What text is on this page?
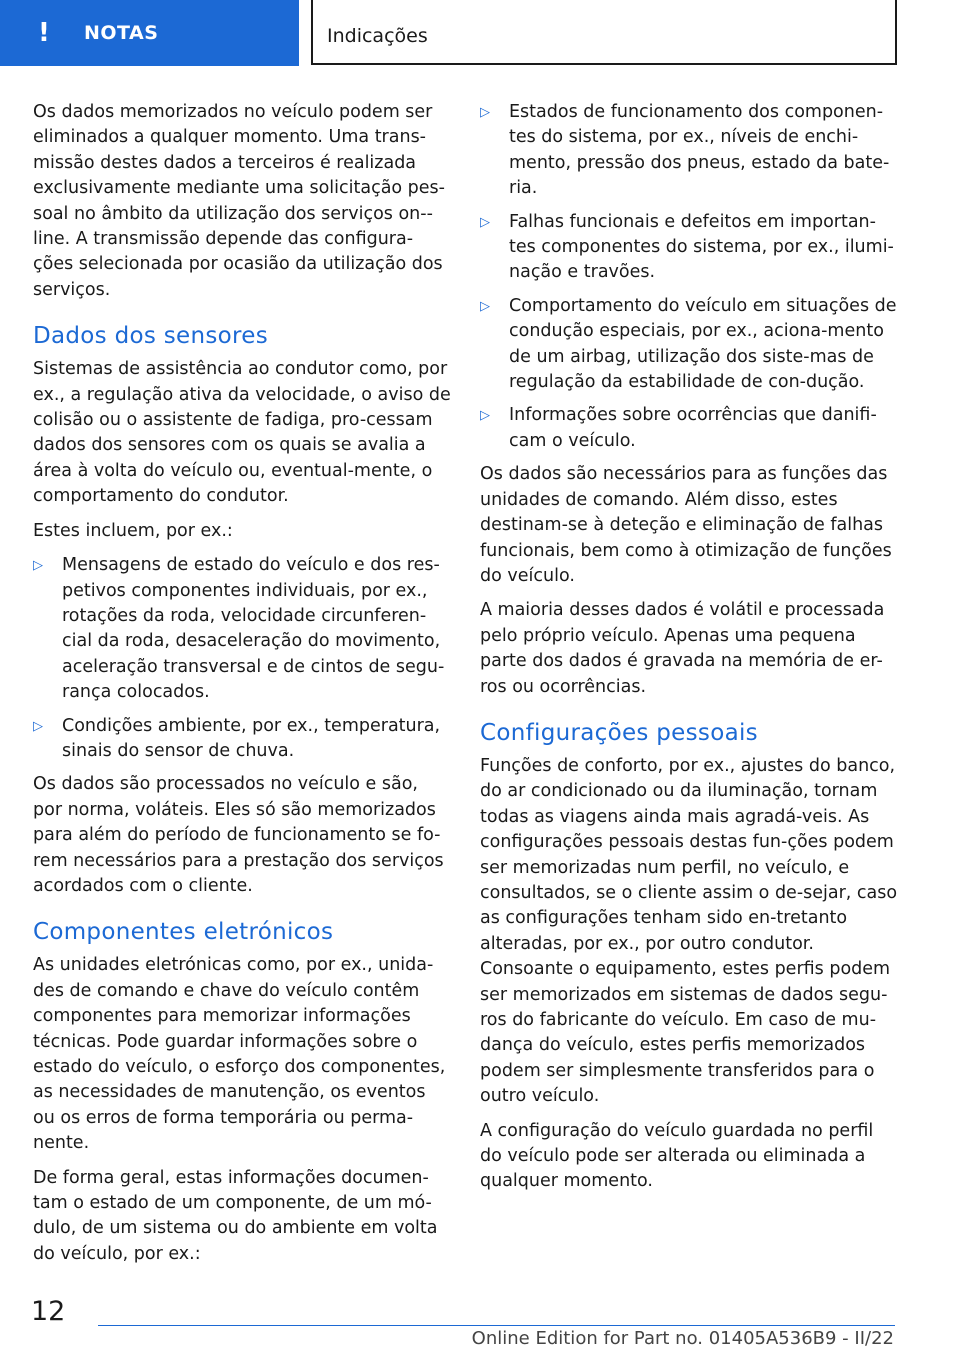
!	NOTAS	Indicações

Os dados memorizados no veículo podem ser eliminados a qualquer momento. Uma trans-missão destes dados a terceiros é realizada exclusivamente mediante uma solicitação pes-soal no âmbito da utilização dos serviços on--line. A transmissão depende das configura-ções selecionada por ocasião da utilização dos serviços.

Dados dos sensores

Sistemas de assistência ao condutor como, por ex., a regulação ativa da velocidade, o aviso de colisão ou o assistente de fadiga, pro-cessam dados dos sensores com os quais se avalia a área à volta do veículo ou, eventual-mente, o comportamento do condutor.

Estes incluem, por ex.:

▷ Mensagens de estado do veículo e dos res-petivos componentes individuais, por ex., rotações da roda, velocidade circunferen-cial da roda, desaceleração do movimento, aceleração transversal e de cintos de segu-rança colocados.
▷ Condições ambiente, por ex., temperatura, sinais do sensor de chuva.

Os dados são processados no veículo e são, por norma, voláteis. Eles só são memorizados para além do período de funcionamento se fo-rem necessários para a prestação dos serviços acordados com o cliente.

Componentes eletrónicos

As unidades eletrónicas como, por ex., unida-des de comando e chave do veículo contêm componentes para memorizar informações técnicas. Pode guardar informações sobre o estado do veículo, o esforço dos componentes, as necessidades de manutenção, os eventos ou os erros de forma temporária ou perma-nente.

De forma geral, estas informações documen-tam o estado de um componente, de um mó-dulo, de um sistema ou do ambiente em volta do veículo, por ex.:

▷ Estados de funcionamento dos componen-tes do sistema, por ex., níveis de enchi-mento, pressão dos pneus, estado da bate-ria.
▷ Falhas funcionais e defeitos em importan-tes componentes do sistema, por ex., ilumi-nação e travões.
▷ Comportamento do veículo em situações de condução especiais, por ex., aciona-mento de um airbag, utilização dos siste-mas de regulação da estabilidade de con-dução.
▷ Informações sobre ocorrências que danifi-cam o veículo.

Os dados são necessários para as funções das unidades de comando. Além disso, estes destinam-se à deteção e eliminação de falhas funcionais, bem como à otimização de funções do veículo.

A maioria desses dados é volátil e processada pelo próprio veículo. Apenas uma pequena parte dos dados é gravada na memória de er-ros ou ocorrências.

Configurações pessoais

Funções de conforto, por ex., ajustes do banco, do ar condicionado ou da iluminação, tornam todas as viagens ainda mais agradá-veis. As configurações pessoais destas fun-ções podem ser memorizadas num perfil, no veículo, e consultados, se o cliente assim o de-sejar, caso as configurações tenham sido en-tretanto alteradas, por ex., por outro condutor. Consoante o equipamento, estes perfis podem ser memorizados em sistemas de dados segu-ros do fabricante do veículo. Em caso de mu-dança do veículo, estes perfis memorizados podem ser simplesmente transferidos para o outro veículo.

A configuração do veículo guardada no perfil do veículo pode ser alterada ou eliminada a qualquer momento.

12
Online Edition for Part no. 01405A536B9 - II/22
